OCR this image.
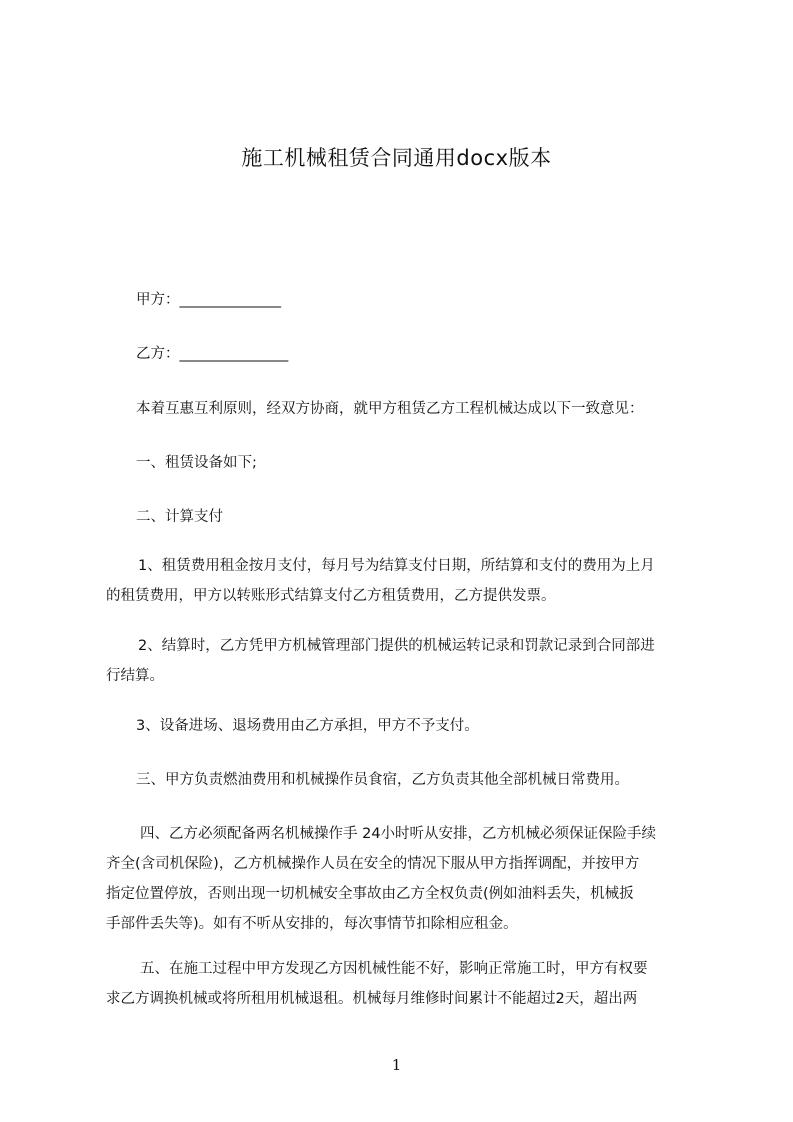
施工机械租赁合同通用docx版本

甲方：______________

乙方：_______________

本着互惠互利原则，经双方协商，就甲方租赁乙方工程机械达成以下一致意见：

一、租赁设备如下;

二、计算支付

1、租赁费用租金按月支付，每月号为结算支付日期，所结算和支付的费用为上月
的租赁费用，甲方以转账形式结算支付乙方租赁费用，乙方提供发票。
2、结算时，乙方凭甲方机械管理部门提供的机械运转记录和罚款记录到合同部进
行结算。

3、设备进场、退场费用由乙方承担，甲方不予支付。

三、甲方负责燃油费用和机械操作员食宿，乙方负责其他全部机械日常费用。

四、乙方必须配备两名机械操作手 24小时听从安排，乙方机械必须保证保险手续
齐全(含司机保险)，乙方机械操作人员在安全的情况下服从甲方指挥调配，并按甲方
指定位置停放，否则出现一切机械安全事故由乙方全权负责(例如油料丢失，机械扳
手部件丢失等)。如有不听从安排的，每次事情节扣除相应租金。
五、在施工过程中甲方发现乙方因机械性能不好，影响正常施工时，甲方有权要
求乙方调换机械或将所租用机械退租。机械每月维修时间累计不能超过2天，超出两
1
